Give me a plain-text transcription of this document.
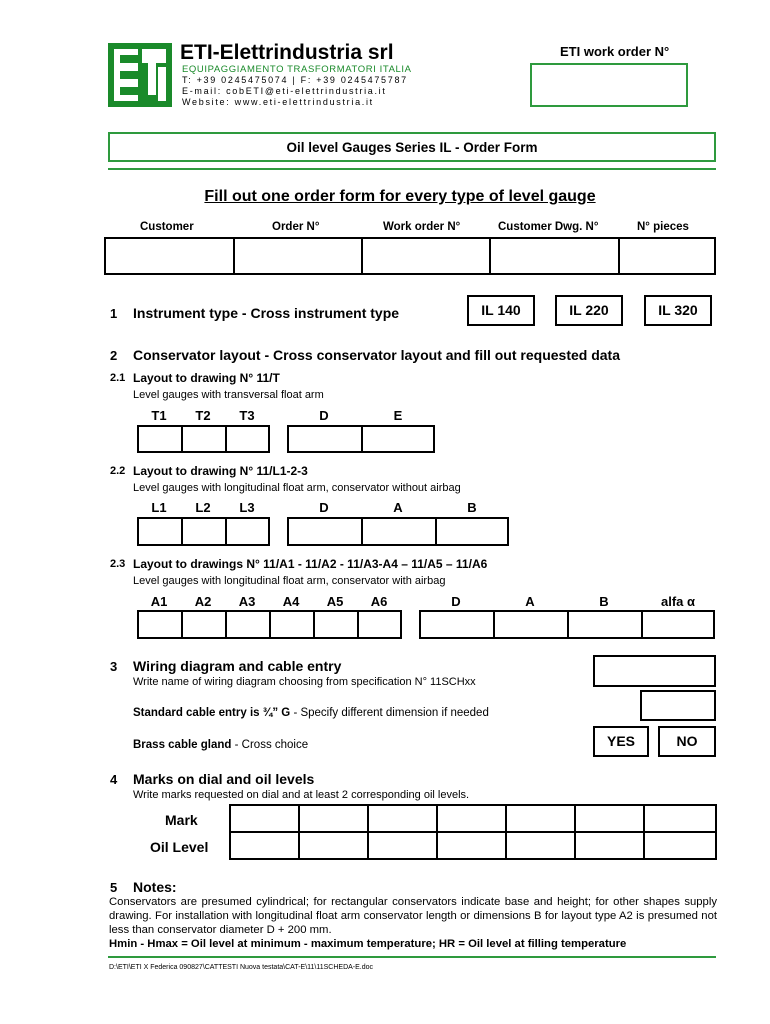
ETI-Elettrindustria srl
EQUIPAGGIAMENTO TRASFORMATORI ITALIA
T: +39 0245475074 | F: +39 0245475787
E-mail: cobETI@eti-elettrindustria.it
Website: www.eti-elettrindustria.it
ETI work order N°
Oil level Gauges Series IL - Order Form
Fill out one order form for every type of level gauge
Customer	Order N°	Work order N°	Customer Dwg. N°	N° pieces
1 Instrument type - Cross instrument type	IL 140	IL 220	IL 320
2 Conservator layout - Cross conservator layout and fill out requested data
2.1 Layout to drawing N° 11/T
Level gauges with transversal float arm
T1	T2	T3	D	E
2.2 Layout to drawing N° 11/L1-2-3
Level gauges with longitudinal float arm, conservator without airbag
L1	L2	L3	D	A	B
2.3 Layout to drawings N° 11/A1 - 11/A2 - 11/A3-A4 – 11/A5 – 11/A6
Level gauges with longitudinal float arm, conservator with airbag
A1	A2	A3	A4	A5	A6	D	A	B	alfa α
3 Wiring diagram and cable entry
Write name of wiring diagram choosing from specification N° 11SCHxx
Standard cable entry is ¾” G - Specify different dimension if needed
Brass cable gland - Cross choice	YES	NO
4 Marks on dial and oil levels
Write marks requested on dial and at least 2 corresponding oil levels.
Mark
Oil Level
5 Notes:
Conservators are presumed cylindrical; for rectangular conservators indicate base and height; for other shapes supply drawing. For installation with longitudinal float arm conservator length or dimensions B for layout type A2 is presumed not less than conservator diameter D + 200 mm.
Hmin - Hmax = Oil level at minimum - maximum temperature; HR = Oil level at filling temperature
D:\ETI\ETI X Federica 090827\CATTESTI Nuova testata\CAT-E\11\11SCHEDA-E.doc
